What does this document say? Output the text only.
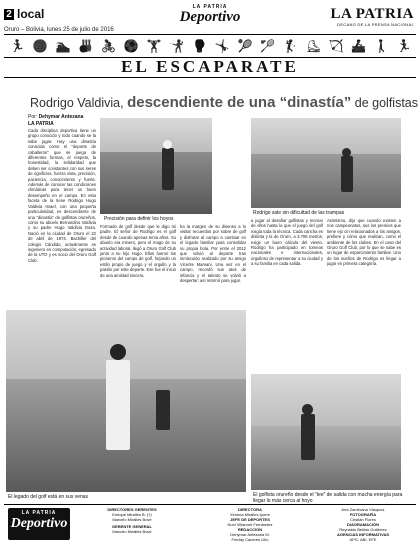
2 local	LA PATRIA
Deportivo	LA PATRIA
DECANO DE LA PRENSA NACIONAL
Oruro – Bolivia, lunes 25 de julio de 2016
🏃 🏐 🏊 🎳 🚴 ⚽ 🏋 🤺 🥊 🤸 🎾 🏸 🏌 ⛸ 🏹 🚣 🚶 🏃
EL ESCAPARATE
Rodrigo Valdivia, descendiente de una “dinastía” de golfistas
Por: Dehymar Antezana
LA PATRIA
Cada disciplina deportiva tiene un grupo conocido y todo cuando se la sabe jugar. Hay una dinastía conocida como el “deporte de caballeros” que se juega de diferentes formas, el respeto, la honestidad, la solidaridad que deben ser constantes con sus seres de ognificios, fuerza vista, precisión, paciencia, conocimiento y fuerte. Además de conocer las condiciones climáticas para tener un buen desempeño en el campo. En esta faceta de la tiene Rodrigo Hugo Valdivia Israel, con una pequeña particularidad, es descendiente de una “dinastía” de golfistas orureños, como su abuelo Bernardino Valdivia y su padre Hugo Valdivia Daza. Nació en la ciudad de Oruro el 22 de abril de 1974. Bachiller del colegio Cándido, actualmente es ingeniero en computación, egresado de la UTO y es socio del Oruro Golf Club.
Precisión para definir los hoyos
Rodrigo sale sin dificultad de las trampas
Formado de golf desde que le digo mi padre. El señor de Rodrigo es el golf desde de cuando apenas tenía años. Su abuelo era minero, pero el mago de su actividad laboral, llegó a Oruro Golf Club junto a su hijo Hugo. Ellos fueron los pioneros del campo de golf, forjando un estilo propio de juego y el orgullo y la pasión por este deporte. Ese fue el inicio de una amistad sincera.
ha la margen de su disenso a lo visitar recuerdos por sobre de golf y disfrutar al campo a cambiar en el legado familiar para consolidar su propia bola. Por entre el 2012 que volvió al deporte tras inmiscuido realizado por su amigo Vicente Mamani. Una vez en el campo, recordó sus atos de infancia y el talento se volvió a despertar; así retornó para jugar.
a jugar al desafiar golfistas y recrear de ellos hasta la que el juego del golf exigía toda la técnica. Cada cancha es distinta y la de Oruro, a 3.706 metros, exige un buen cálculo del viento. Rodrigo ha participado en torneos nacionales e internacionales, orgulloso de representar a su ciudad y a su familia en cada salida.
Asimismo, dijo que cuando existen a nos campeonatos, sus los premios que tiene ejo cin relacionados a los amigos, prefiere y cómo que realizan, como el ambiente de los clubes. En el caso del Oruro Golf Club, por lo que se sabe es un lugar de esparcimiento familiar. Uno de los sueños de Rodrigo es llegar a jugar en primera categoría.
El legado del golf está en sus venas	El golfista orureño desde el “tee” de salida con mucha energía para llegar lo más cerca al hoyo
LA PATRIA
Deportivo
DIRECTORES GERENTES
Enrique Miralles B. (†)
Marcelo Miralles Bové
GERENTE GENERAL
Marcelo Miralles Bové
DIRECTORA
Ximena Miralles Iporre
JEFE DE DEPORTES
Noel Villarroel Fernández
REDACCIÓN
Dehymar Antezana M.
Freddy Cáceres Uño
Ana Zambrana Vásquez
FOTOGRAFÍA
Cristian Flores
DIAGRAMACIÓN
Reynaldo Bellido Gutiérrez
AGENCIAS INFORMATIVAS
APG, ABI, EFE
